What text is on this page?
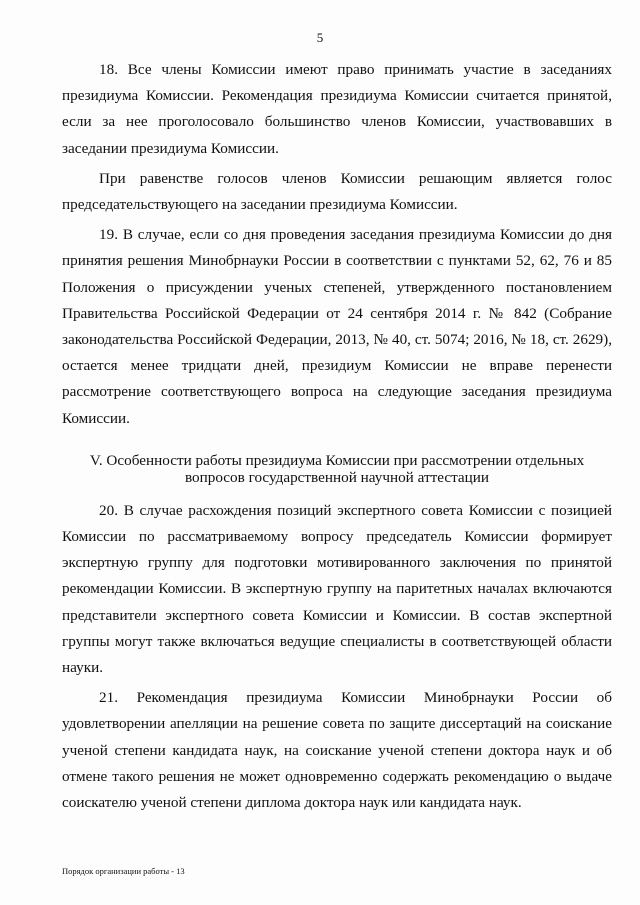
5

18. Все члены Комиссии имеют право принимать участие в заседаниях президиума Комиссии. Рекомендация президиума Комиссии считается принятой, если за нее проголосовало большинство членов Комиссии, участвовавших в заседании президиума Комиссии.

При равенстве голосов членов Комиссии решающим является голос председательствующего на заседании президиума Комиссии.

19. В случае, если со дня проведения заседания президиума Комиссии до дня принятия решения Минобрнауки России в соответствии с пунктами 52, 62, 76 и 85 Положения о присуждении ученых степеней, утвержденного постановлением Правительства Российской Федерации от 24 сентября 2014 г. № 842 (Собрание законодательства Российской Федерации, 2013, № 40, ст. 5074; 2016, № 18, ст. 2629), остается менее тридцати дней, президиум Комиссии не вправе перенести рассмотрение соответствующего вопроса на следующие заседания президиума Комиссии.

V. Особенности работы президиума Комиссии при рассмотрении отдельных вопросов государственной научной аттестации

20. В случае расхождения позиций экспертного совета Комиссии с позицией Комиссии по рассматриваемому вопросу председатель Комиссии формирует экспертную группу для подготовки мотивированного заключения по принятой рекомендации Комиссии. В экспертную группу на паритетных началах включаются представители экспертного совета Комиссии и Комиссии. В состав экспертной группы могут также включаться ведущие специалисты в соответствующей области науки.

21. Рекомендация президиума Комиссии Минобрнауки России об удовлетворении апелляции на решение совета по защите диссертаций на соискание ученой степени кандидата наук, на соискание ученой степени доктора наук и об отмене такого решения не может одновременно содержать рекомендацию о выдаче соискателю ученой степени диплома доктора наук или кандидата наук.

Порядок организации работы - 13
